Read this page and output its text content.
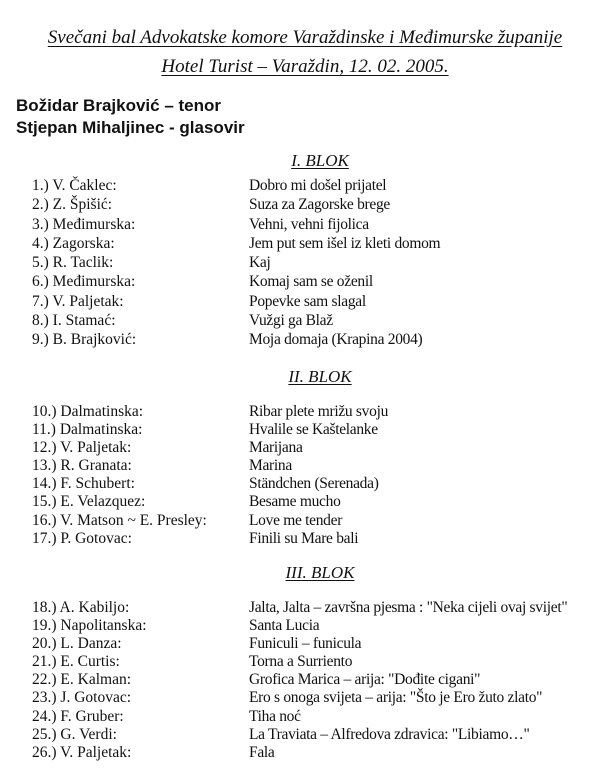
Svečani bal Advokatske komore Varaždinske i Međimurske županije
Hotel Turist – Varaždin, 12. 02. 2005.
Božidar Brajković – tenor
Stjepan Mihaljinec - glasovir
I. BLOK
1.) V. Čaklec:	Dobro mi došel prijatel
2.) Z. Špišić:	Suza za Zagorske brege
3.) Međimurska:	Vehni, vehni fijolica
4.) Zagorska:	Jem put sem išel iz kleti domom
5.) R. Taclik:	Kaj
6.) Međimurska:	Komaj sam se oženil
7.) V. Paljetak:	Popevke sam slagal
8.) I. Stamać:	Vužgi ga Blaž
9.) B. Brajković:	Moja domaja (Krapina 2004)
II. BLOK
10.) Dalmatinska:	Ribar plete mrižu svoju
11.) Dalmatinska:	Hvalile se Kaštelanke
12.) V. Paljetak:	Marijana
13.) R. Granata:	Marina
14.) F. Schubert:	Ständchen (Serenada)
15.) E. Velazquez:	Besame mucho
16.) V. Matson ~ E. Presley:	Love me tender
17.) P. Gotovac:	Finili su Mare bali
III. BLOK
18.) A. Kabiljo:	Jalta, Jalta – završna pjesma : "Neka cijeli ovaj svijet"
19.) Napolitanska:	Santa Lucia
20.) L. Danza:	Funiculi – funicula
21.) E. Curtis:	Torna a Surriento
22.) E. Kalman:	Grofica Marica – arija: "Dođite cigani"
23.) J. Gotovac:	Ero s onoga svijeta – arija: "Što je Ero žuto zlato"
24.) F. Gruber:	Tiha noć
25.) G. Verdi:	La Traviata – Alfredova zdravica: "Libiamo…"
26.) V. Paljetak:	Fala
